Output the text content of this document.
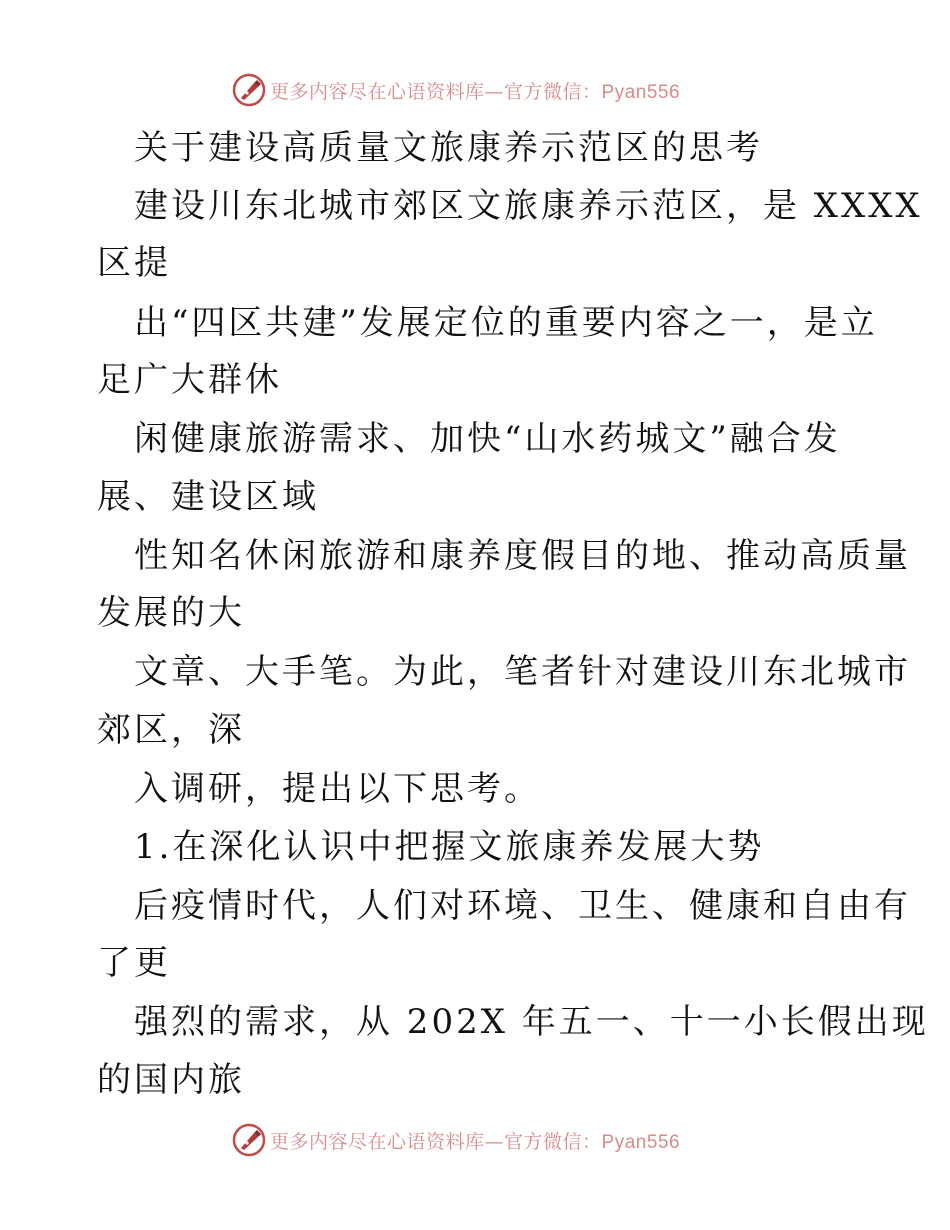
更多内容尽在心语资料库—官方微信：Pyan556
关于建设高质量文旅康养示范区的思考
建设川东北城市郊区文旅康养示范区，是 XXXX
区提
出“四区共建”发展定位的重要内容之一，是立
足广大群休
闲健康旅游需求、加快“山水药城文”融合发
展、建设区域
性知名休闲旅游和康养度假目的地、推动高质量
发展的大
文章、大手笔。为此，笔者针对建设川东北城市
郊区，深
入调研，提出以下思考。
1.在深化认识中把握文旅康养发展大势
后疫情时代，人们对环境、卫生、健康和自由有
了更
强烈的需求，从 202X 年五一、十一小长假出现
的国内旅
更多内容尽在心语资料库—官方微信：Pyan556
